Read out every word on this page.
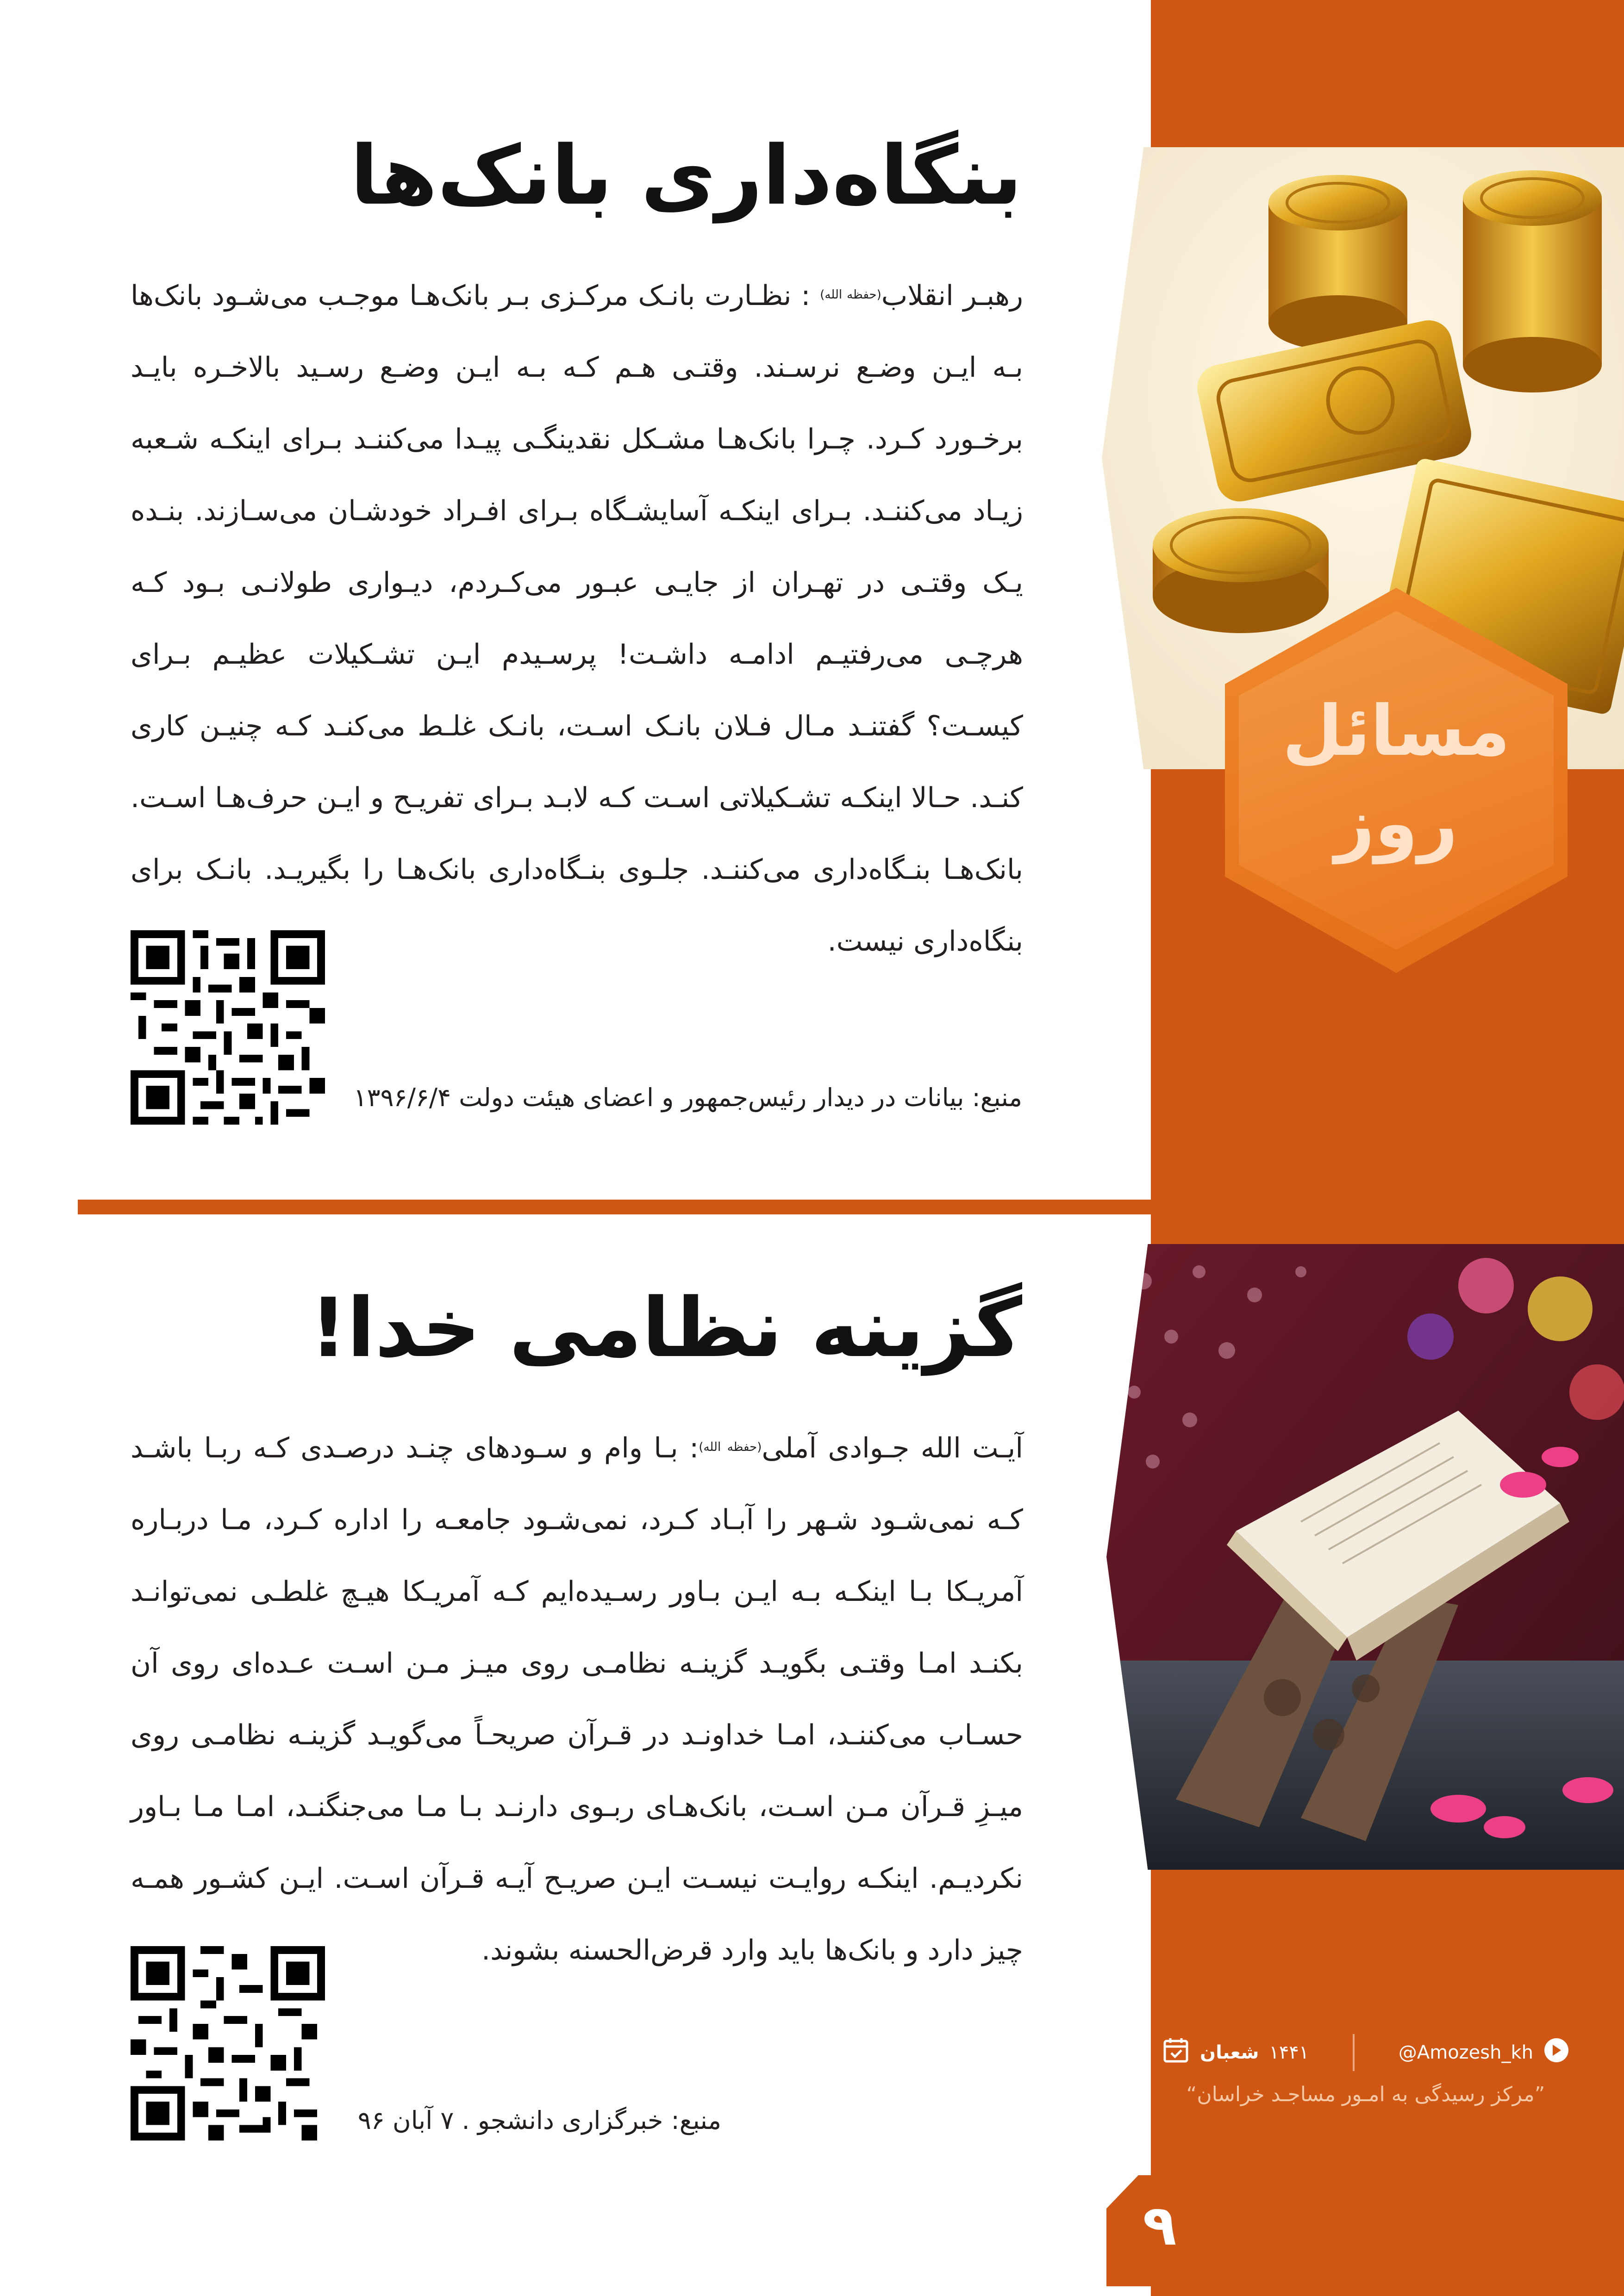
مسائل
روز
بنگاه‌داری بانک‌ها
رهبـر انقلاب$^{(حفظه الله)}$ : نظـارت بانـک مرکـزی بـر بانک‌هـا موجـب می‌شـود بانک‌ها بـه ایـن وضـع نرسـند. وقتـی هـم کـه بـه ایـن وضـع رسـید بالاخـره بایـد برخـورد کـرد. چـرا بانک‌هـا مشـکل نقدینگـی پیـدا می‌کننـد بـرای اینکـه شـعبه زیـاد می‌کننـد. بـرای اینکـه آسایشـگاه بـرای افـراد خودشـان می‌سـازند. بنـده یـک وقتـی در تهـران از جایـی عبـور می‌کـردم، دیـواری طولانـی بـود کـه هرچـی می‌رفتیـم ادامـه داشـت! پرسـیدم ایـن تشـکیلات عظیـم بـرای کیسـت؟ گفتنـد مـال فـلان بانـک اسـت، بانـک غلـط می‌کنـد کـه چنیـن کاری کنـد. حـالا اینکـه تشـکیلاتی اسـت کـه لابـد بـرای تفریـح و ایـن حرف‌هـا اسـت. بانک‌هـا بنـگاه‌داری می‌کننـد. جلـوی بنـگاه‌داری بانک‌هـا را بگیریـد. بانـک برای بنگاه‌داری نیست.
منبع: بیانات در دیدار رئیس‌جمهور و اعضای هیئت دولت ۱۳۹۶/۶/۴
گزینه نظامی خدا!
آیـت الله جـوادی آملی$^{(حفظه الله)}$: بـا وام و سـودهای چنـد درصـدی کـه ربـا باشـد کـه نمی‌شـود شـهر را آبـاد کـرد، نمی‌شـود جامعـه را اداره کـرد، مـا دربـاره آمریـکا بـا اینکـه بـه ایـن بـاور رسـیده‌ایم کـه آمریـکا هیـچ غلطـی نمی‌توانـد بکنـد امـا وقتـی بگویـد گزینـه نظامـی روی میـز مـن اسـت عـده‌ای روی آن حسـاب می‌کننـد، امـا خداونـد در قـرآن صریحـاً می‌گویـد گزینـه نظامـی روی میـزِ قـرآن مـن اسـت، بانک‌هـای ربـوی دارنـد بـا مـا می‌جنگنـد، امـا مـا بـاور نکردیـم. اینکـه روایـت نیسـت ایـن صریـح آیـه قـرآن اسـت. ایـن کشـور همـه چیز دارد و بانک‌ها باید وارد قرض‌الحسنه بشوند.
منبع: خبرگزاری دانشجو . ۷ آبان ۹۶
@Amozesh_kh
۱۴۴۱
شعبان
”مرکز رسیدگی به امـور مساجـد خراسان“
۹
